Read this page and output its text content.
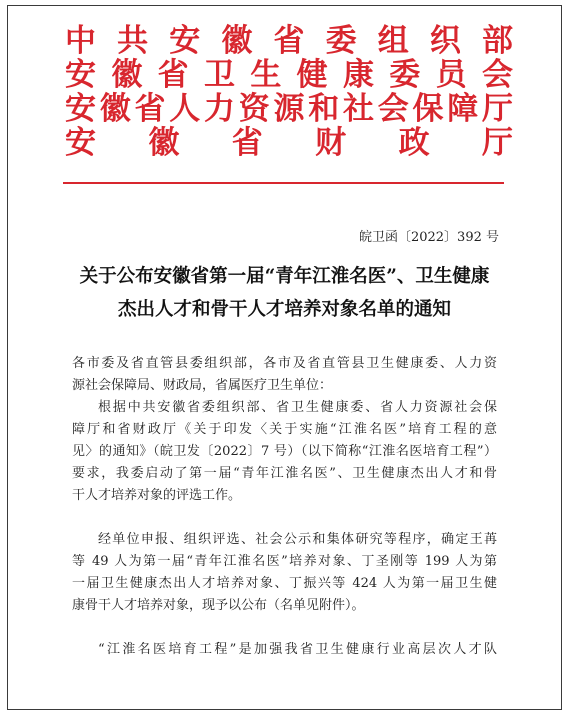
中 共 安 徽 省 委 组 织 部
安 徽 省 卫 生 健 康 委 员 会
安 徽 省 人 力 资 源 和 社 会 保 障 厅
安 徽 省 财 政 厅
皖卫函〔2022〕392 号
关于公布安徽省第一届“青年江淮名医”、卫生健康
杰出人才和骨干人才培养对象名单的通知

各市委及省直管县委组织部，各市及省直管县卫生健康委、人力资

源社会保障局、财政局，省属医疗卫生单位：

根据中共安徽省委组织部、省卫生健康委、省人力资源社会保

障厅和省财政厅《关于印发〈关于实施“江淮名医”培育工程的意

见〉的通知》（皖卫发〔2022〕7 号）（以下简称“江淮名医培育工程”）

要求，我委启动了第一届“青年江淮名医”、卫生健康杰出人才和骨

干人才培养对象的评选工作。

经单位申报、组织评选、社会公示和集体研究等程序，确定王苒

等 49 人为第一届“青年江淮名医”培养对象、丁圣刚等 199 人为第

一届卫生健康杰出人才培养对象、丁振兴等 424 人为第一届卫生健

康骨干人才培养对象，现予以公布（名单见附件）。

“江淮名医培育工程”是加强我省卫生健康行业高层次人才队
